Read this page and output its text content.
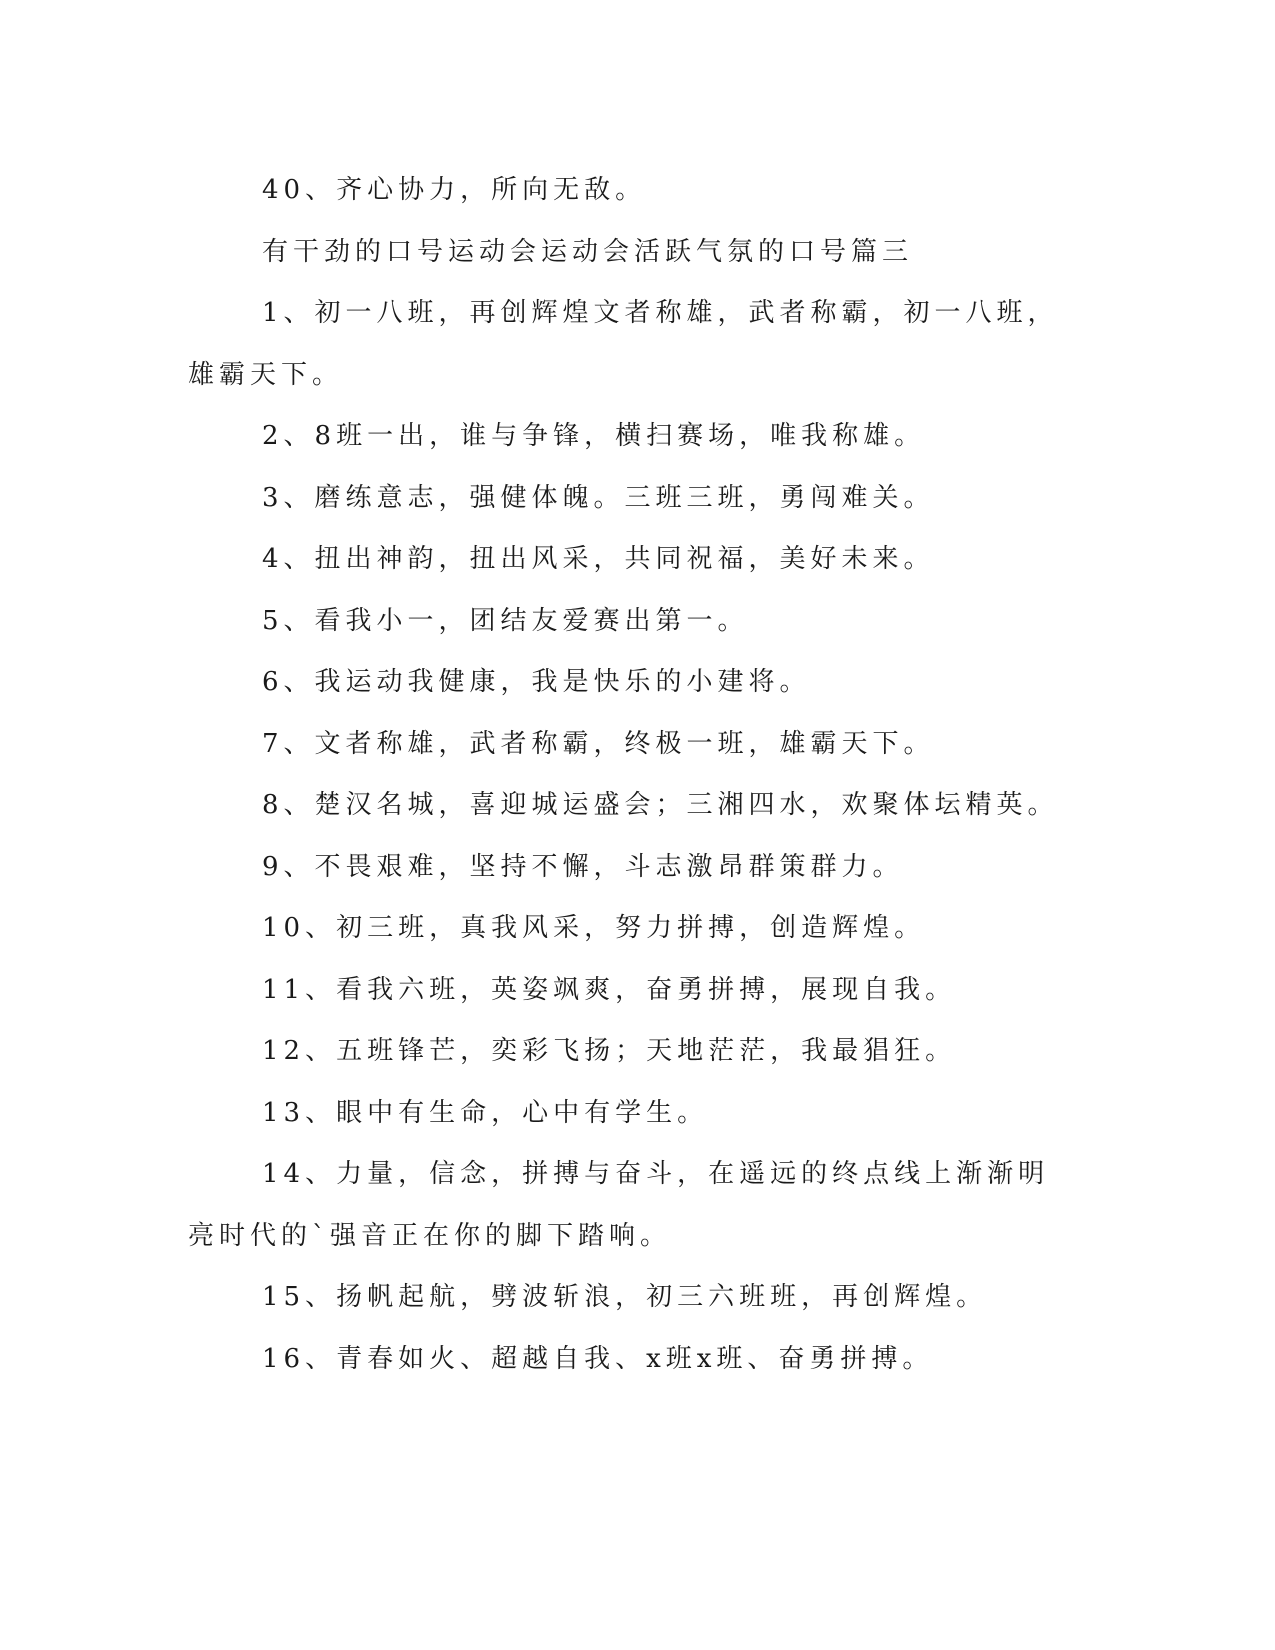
40、齐心协力，所向无敌。

有干劲的口号运动会运动会活跃气氛的口号篇三

1、初一八班，再创辉煌文者称雄，武者称霸，初一八班，雄霸天下。

2、8班一出，谁与争锋，横扫赛场，唯我称雄。

3、磨练意志，强健体魄。三班三班，勇闯难关。

4、扭出神韵，扭出风采，共同祝福，美好未来。

5、看我小一，团结友爱赛出第一。

6、我运动我健康，我是快乐的小建将。

7、文者称雄，武者称霸，终极一班，雄霸天下。

8、楚汉名城，喜迎城运盛会；三湘四水，欢聚体坛精英。

9、不畏艰难，坚持不懈，斗志激昂群策群力。

10、初三班，真我风采，努力拼搏，创造辉煌。

11、看我六班，英姿飒爽，奋勇拼搏，展现自我。

12、五班锋芒，奕彩飞扬；天地茫茫，我最猖狂。

13、眼中有生命，心中有学生。

14、力量，信念，拼搏与奋斗，在遥远的终点线上渐渐明亮时代的`强音正在你的脚下踏响。

15、扬帆起航，劈波斩浪，初三六班班，再创辉煌。

16、青春如火、超越自我、x班x班、奋勇拼搏。
